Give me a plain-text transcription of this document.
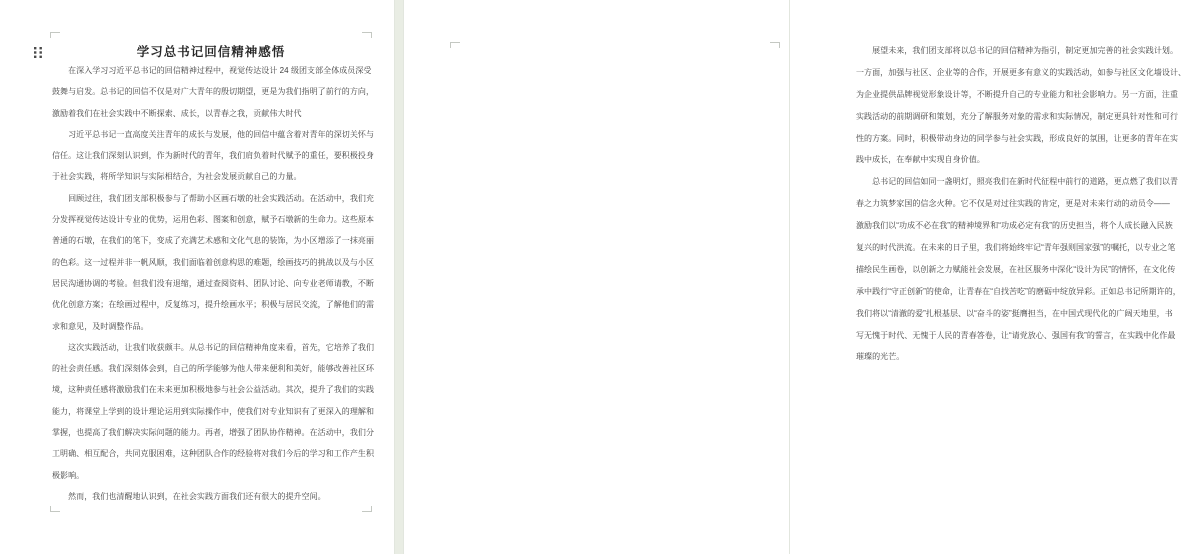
学习总书记回信精神感悟
　　在深入学习习近平总书记的回信精神过程中，视觉传达设计 24 级团支部全体成员深受
鼓舞与启发。总书记的回信不仅是对广大青年的殷切期望，更是为我们指明了前行的方向，
激励着我们在社会实践中不断探索、成长，以青春之我，贡献伟大时代
　　习近平总书记一直高度关注青年的成长与发展，他的回信中蕴含着对青年的深切关怀与
信任。这让我们深刻认识到，作为新时代的青年，我们肩负着时代赋予的重任，要积极投身
于社会实践，将所学知识与实际相结合，为社会发展贡献自己的力量。
　　回顾过往，我们团支部积极参与了帮助小区画石墩的社会实践活动。在活动中，我们充
分发挥视觉传达设计专业的优势，运用色彩、图案和创意，赋予石墩新的生命力。这些原本
普通的石墩，在我们的笔下，变成了充满艺术感和文化气息的装饰，为小区增添了一抹亮丽
的色彩。这一过程并非一帆风顺，我们面临着创意构思的难题，绘画技巧的挑战以及与小区
居民沟通协调的考验。但我们没有退缩，通过查阅资料、团队讨论、向专业老师请教，不断
优化创意方案；在绘画过程中，反复练习，提升绘画水平；积极与居民交流，了解他们的需
求和意见，及时调整作品。
　　这次实践活动，让我们收获颇丰。从总书记的回信精神角度来看，首先，它培养了我们
的社会责任感。我们深刻体会到，自己的所学能够为他人带来便利和美好，能够改善社区环
境，这种责任感将激励我们在未来更加积极地参与社会公益活动。其次，提升了我们的实践
能力，将课堂上学到的设计理论运用到实际操作中，使我们对专业知识有了更深入的理解和
掌握，也提高了我们解决实际问题的能力。再者，增强了团队协作精神。在活动中，我们分
工明确、相互配合，共同克服困难，这种团队合作的经验将对我们今后的学习和工作产生积
极影响。
　　然而，我们也清醒地认识到，在社会实践方面我们还有很大的提升空间。
　　展望未来，我们团支部将以总书记的回信精神为指引，制定更加完善的社会实践计划。
一方面，加强与社区、企业等的合作，开展更多有意义的实践活动，如参与社区文化墙设计、
为企业提供品牌视觉形象设计等，不断提升自己的专业能力和社会影响力。另一方面，注重
实践活动的前期调研和策划，充分了解服务对象的需求和实际情况，制定更具针对性和可行
性的方案。同时，积极带动身边的同学参与社会实践，形成良好的氛围，让更多的青年在实
践中成长，在奉献中实现自身价值。
　　总书记的回信如同一盏明灯，照亮我们在新时代征程中前行的道路，更点燃了我们以青
春之力筑梦家国的信念火种。它不仅是对过往实践的肯定，更是对未来行动的动员令——
激励我们以“功成不必在我”的精神境界和“功成必定有我”的历史担当，将个人成长融入民族
复兴的时代洪流。在未来的日子里，我们将始终牢记“青年强则国家强”的嘱托，以专业之笔
描绘民生画卷，以创新之力赋能社会发展，在社区服务中深化“设计为民”的情怀，在文化传
承中践行“守正创新”的使命，让青春在“自找苦吃”的磨砺中绽放异彩。正如总书记所期许的，
我们将以“清澈的爱”扎根基层、以“奋斗的姿”挺膺担当，在中国式现代化的广阔天地里，书
写无愧于时代、无愧于人民的青春答卷，让“请党放心、强国有我”的誓言，在实践中化作最
璀璨的光芒。
